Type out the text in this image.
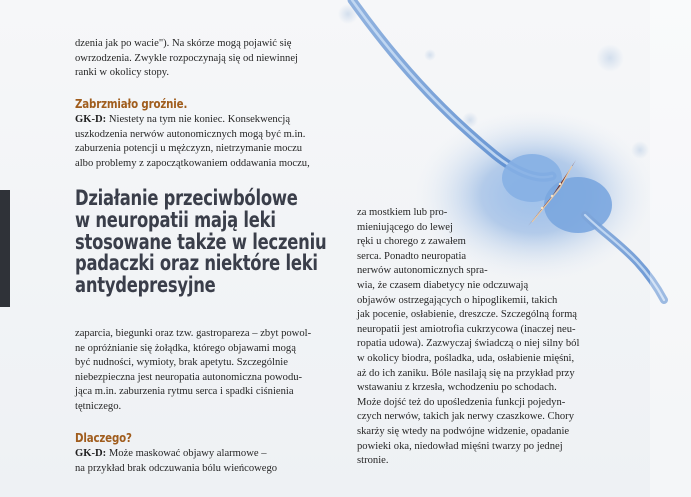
dzenia jak po wacie"). Na skórze mogą pojawić się
owrzodzenia. Zwykle rozpoczynają się od niewinnej
ranki w okolicy stopy.
Zabrzmiało groźnie.
GK-D: Niestety na tym nie koniec. Konsekwencją
uszkodzenia nerwów autonomicznych mogą być m.in.
zaburzenia potencji u mężczyzn, nietrzymanie moczu
albo problemy z zapoczątkowaniem oddawania moczu,
Działanie przeciwbólowe
w neuropatii mają leki
stosowane także w leczeniu
padaczki oraz niektóre leki
antydepresyjne
zaparcia, biegunki oraz tzw. gastropareza – zbyt powol-
ne opróżnianie się żołądka, którego objawami mogą
być nudności, wymioty, brak apetytu. Szczególnie
niebezpieczna jest neuropatia autonomiczna powodu-
jąca m.in. zaburzenia rytmu serca i spadki ciśnienia
tętniczego.
Dlaczego?
GK-D: Może maskować objawy alarmowe –
na przykład brak odczuwania bólu wieńcowego
za mostkiem lub pro-
mieniującego do lewej
ręki u chorego z zawałem
serca. Ponadto neuropatia
nerwów autonomicznych spra-
wia, że czasem diabetycy nie odczuwają
objawów ostrzegających o hipoglikemii, takich
jak pocenie, osłabienie, dreszcze. Szczególną formą
neuropatii jest amiotrofia cukrzycowa (inaczej neu-
ropatia udowa). Zazwyczaj świadczą o niej silny ból
w okolicy biodra, pośladka, uda, osłabienie mięśni,
aż do ich zaniku. Bóle nasilają się na przykład przy
wstawaniu z krzesła, wchodzeniu po schodach.
Może dojść też do upośledzenia funkcji pojedyn-
czych nerwów, takich jak nerwy czaszkowe. Chory
skarży się wtedy na podwójne widzenie, opadanie
powieki oka, niedowład mięśni twarzy po jednej
stronie.
